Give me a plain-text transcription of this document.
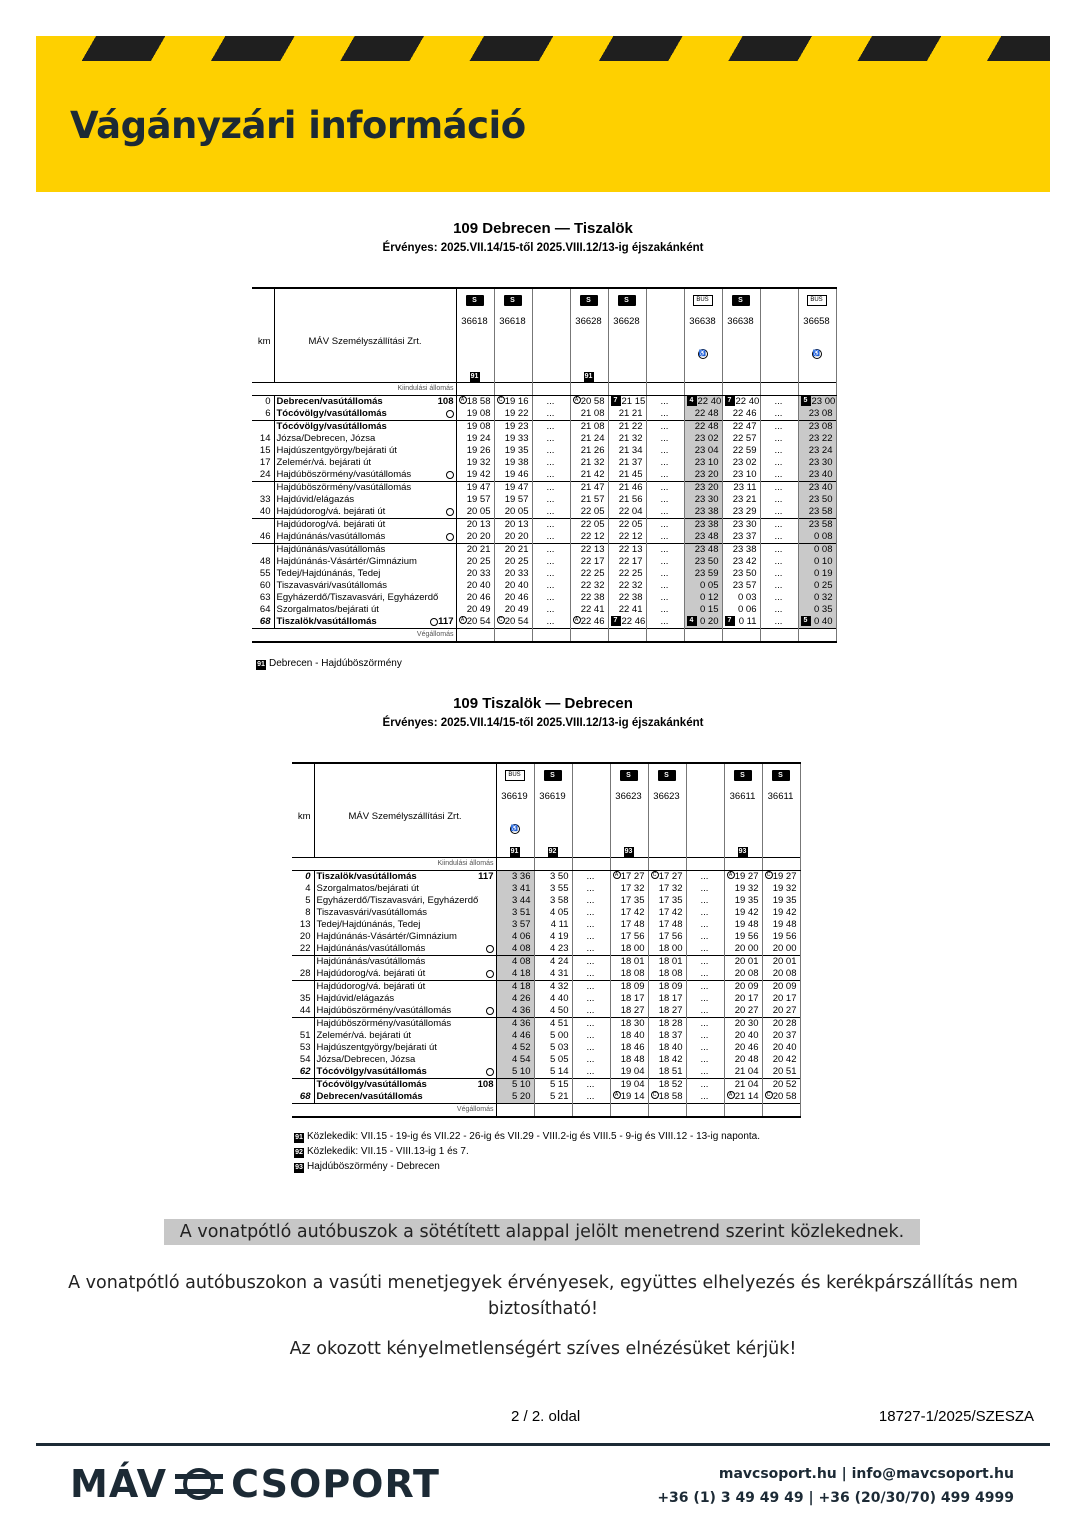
Vágányzári információ
109 Debrecen — Tiszalök
Érvényes: 2025.VII.14/15-től 2025.VIII.12/13-ig éjszakánként
		S	S		S	S		BUS	S		BUS
		36618	36618		36628	36628		36638	36638		36658
km	MÁV Személyszállítási Zrt.							♿			♿
		91			91						
Kiindulási állomás											
0	Debrecen/vasútállomás 108	A 18 58	C 19 16	...	A 20 58	7 21 15	...	4 22 40	7 22 40	...	5 23 00
6	Tócóvölgy/vasútállomás	19 08	19 22	...	21 08	21 21	...	22 48	22 46	...	23 08
	Tócóvölgy/vasútállomás	19 08	19 23	...	21 08	21 22	...	22 48	22 47	...	23 08
14	Józsa/Debrecen, Józsa	19 24	19 33	...	21 24	21 32	...	23 02	22 57	...	23 22
15	Hajdúszentgyörgy/bejárati út	19 26	19 35	...	21 26	21 34	...	23 04	22 59	...	23 24
17	Zelemér/vá. bejárati út	19 32	19 38	...	21 32	21 37	...	23 10	23 02	...	23 30
24	Hajdúböszörmény/vasútállomás	19 42	19 46	...	21 42	21 45	...	23 20	23 10	...	23 40
	Hajdúböszörmény/vasútállomás	19 47	19 47	...	21 47	21 46	...	23 20	23 11	...	23 40
33	Hajdúvid/elágazás	19 57	19 57	...	21 57	21 56	...	23 30	23 21	...	23 50
40	Hajdúdorog/vá. bejárati út	20 05	20 05	...	22 05	22 04	...	23 38	23 29	...	23 58
	Hajdúdorog/vá. bejárati út	20 13	20 13	...	22 05	22 05	...	23 38	23 30	...	23 58
46	Hajdúnánás/vasútállomás	20 20	20 20	...	22 12	22 12	...	23 48	23 37	...	0 08
	Hajdúnánás/vasútállomás	20 21	20 21	...	22 13	22 13	...	23 48	23 38	...	0 08
48	Hajdúnánás-Vásártér/Gimnázium	20 25	20 25	...	22 17	22 17	...	23 50	23 42	...	0 10
55	Tedej/Hajdúnánás, Tedej	20 33	20 33	...	22 25	22 25	...	23 59	23 50	...	0 19
60	Tiszavasvári/vasútállomás	20 40	20 40	...	22 32	22 32	...	0 05	23 57	...	0 25
63	Egyházerdő/Tiszavasvári, Egyházerdő	20 46	20 46	...	22 38	22 38	...	0 12	0 03	...	0 32
64	Szorgalmatos/bejárati út	20 49	20 49	...	22 41	22 41	...	0 15	0 06	...	0 35
68	Tiszalök/vasútállomás 117	A 20 54	C 20 54	...	A 22 46	7 22 46	...	4 0 20	7 0 11	...	5 0 40
Végállomás											
91 Debrecen - Hajdúböszörmény
109 Tiszalök — Debrecen
Érvényes: 2025.VII.14/15-től 2025.VIII.12/13-ig éjszakánként
		BUS	S		S	S		S	S
		36619	36619		36623	36623		36611	36611
km	MÁV Személyszállítási Zrt.	♿							
		91	92		93			93	
Kiindulási állomás									
0	Tiszalök/vasútállomás 117	3 36	3 50	...	A 17 27	C 17 27	...	A 19 27	C 19 27
4	Szorgalmatos/bejárati út	3 41	3 55	...	17 32	17 32	...	19 32	19 32
5	Egyházerdő/Tiszavasvári, Egyházerdő	3 44	3 58	...	17 35	17 35	...	19 35	19 35
8	Tiszavasvári/vasútállomás	3 51	4 05	...	17 42	17 42	...	19 42	19 42
13	Tedej/Hajdúnánás, Tedej	3 57	4 11	...	17 48	17 48	...	19 48	19 48
20	Hajdúnánás-Vásártér/Gimnázium	4 06	4 19	...	17 56	17 56	...	19 56	19 56
22	Hajdúnánás/vasútállomás	4 08	4 23	...	18 00	18 00	...	20 00	20 00
	Hajdúnánás/vasútállomás	4 08	4 24	...	18 01	18 01	...	20 01	20 01
28	Hajdúdorog/vá. bejárati út	4 18	4 31	...	18 08	18 08	...	20 08	20 08
	Hajdúdorog/vá. bejárati út	4 18	4 32	...	18 09	18 09	...	20 09	20 09
35	Hajdúvid/elágazás	4 26	4 40	...	18 17	18 17	...	20 17	20 17
44	Hajdúböszörmény/vasútállomás	4 36	4 50	...	18 27	18 27	...	20 27	20 27
	Hajdúböszörmény/vasútállomás	4 36	4 51	...	18 30	18 28	...	20 30	20 28
51	Zelemér/vá. bejárati út	4 46	5 00	...	18 40	18 37	...	20 40	20 37
53	Hajdúszentgyörgy/bejárati út	4 52	5 03	...	18 46	18 40	...	20 46	20 40
54	Józsa/Debrecen, Józsa	4 54	5 05	...	18 48	18 42	...	20 48	20 42
62	Tócóvölgy/vasútállomás	5 10	5 14	...	19 04	18 51	...	21 04	20 51
	Tócóvölgy/vasútállomás 108	5 10	5 15	...	19 04	18 52	...	21 04	20 52
68	Debrecen/vasútállomás	5 20	5 21	...	A 19 14	C 18 58	...	A 21 14	C 20 58
Végállomás									
91 Közlekedik: VII.15 - 19-ig és VII.22 - 26-ig és VII.29 - VIII.2-ig és VIII.5 - 9-ig és VIII.12 - 13-ig naponta.
92 Közlekedik: VII.15 - VIII.13-ig 1 és 7.
93 Hajdúböszörmény - Debrecen
A vonatpótló autóbuszok a sötétített alappal jelölt menetrend szerint közlekednek.
A vonatpótló autóbuszokon a vasúti menetjegyek érvényesek, együttes elhelyezés és kerékpárszállítás nem biztosítható!
Az okozott kényelmetlenségért szíves elnézésüket kérjük!
2 / 2. oldal	18727-1/2025/SZESZA
MÁV CSOPORT	mavcsoport.hu | info@mavcsoport.hu
+36 (1) 3 49 49 49 | +36 (20/30/70) 499 4999
